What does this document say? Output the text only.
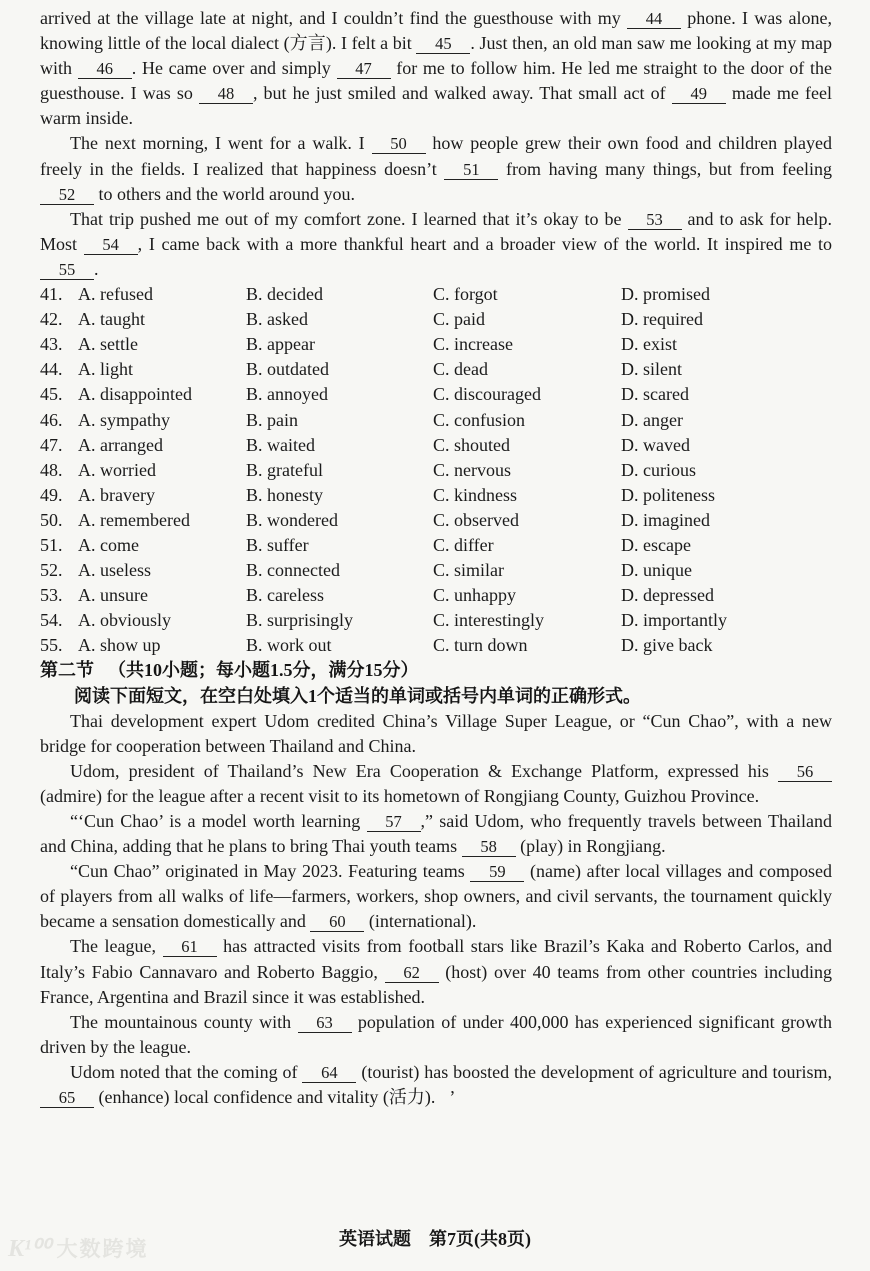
arrived at the village late at night, and I couldn’t find the guesthouse with my 44 phone. I was alone, knowing little of the local dialect (方言). I felt a bit 45 . Just then, an old man saw me looking at my map with 46 . He came over and simply 47 for me to follow him. He led me straight to the door of the guesthouse. I was so 48 , but he just smiled and walked away. That small act of 49 made me feel warm inside.

The next morning, I went for a walk. I 50 how people grew their own food and children played freely in the fields. I realized that happiness doesn’t 51 from having many things, but from feeling 52 to others and the world around you.

That trip pushed me out of my comfort zone. I learned that it’s okay to be 53 and to ask for help. Most 54 , I came back with a more thankful heart and a broader view of the world. It inspired me to 55 .

41. A. refused	B. decided	C. forgot	D. promised
42. A. taught	B. asked	C. paid	D. required
43. A. settle	B. appear	C. increase	D. exist
44. A. light	B. outdated	C. dead	D. silent
45. A. disappointed	B. annoyed	C. discouraged	D. scared
46. A. sympathy	B. pain	C. confusion	D. anger
47. A. arranged	B. waited	C. shouted	D. waved
48. A. worried	B. grateful	C. nervous	D. curious
49. A. bravery	B. honesty	C. kindness	D. politeness
50. A. remembered	B. wondered	C. observed	D. imagined
51. A. come	B. suffer	C. differ	D. escape
52. A. useless	B. connected	C. similar	D. unique
53. A. unsure	B. careless	C. unhappy	D. depressed
54. A. obviously	B. surprisingly	C. interestingly	D. importantly
55. A. show up	B. work out	C. turn down	D. give back

第二节 （共10小题；每小题1.5分，满分15分）

阅读下面短文，在空白处填入1个适当的单词或括号内单词的正确形式。

Thai development expert Udom credited China’s Village Super League, or “Cun Chao”, with a new bridge for cooperation between Thailand and China.

Udom, president of Thailand’s New Era Cooperation & Exchange Platform, expressed his 56 (admire) for the league after a recent visit to its hometown of Rongjiang County, Guizhou Province.

“‘Cun Chao’ is a model worth learning 57 ,” said Udom, who frequently travels between Thailand and China, adding that he plans to bring Thai youth teams 58 (play) in Rongjiang.

“Cun Chao” originated in May 2023. Featuring teams 59 (name) after local villages and composed of players from all walks of life—farmers, workers, shop owners, and civil servants, the tournament quickly became a sensation domestically and 60 (international).

The league, 61 has attracted visits from football stars like Brazil’s Kaka and Roberto Carlos, and Italy’s Fabio Cannavaro and Roberto Baggio, 62 (host) over 40 teams from other countries including France, Argentina and Brazil since it was established.

The mountainous county with 63 population of under 400,000 has experienced significant growth driven by the league.

Udom noted that the coming of 64 (tourist) has boosted the development of agriculture and tourism, 65 (enhance) local confidence and vitality (活力). ’

英语试题 第7页(共8页)
K¹⁰⁰ 大数跨境
